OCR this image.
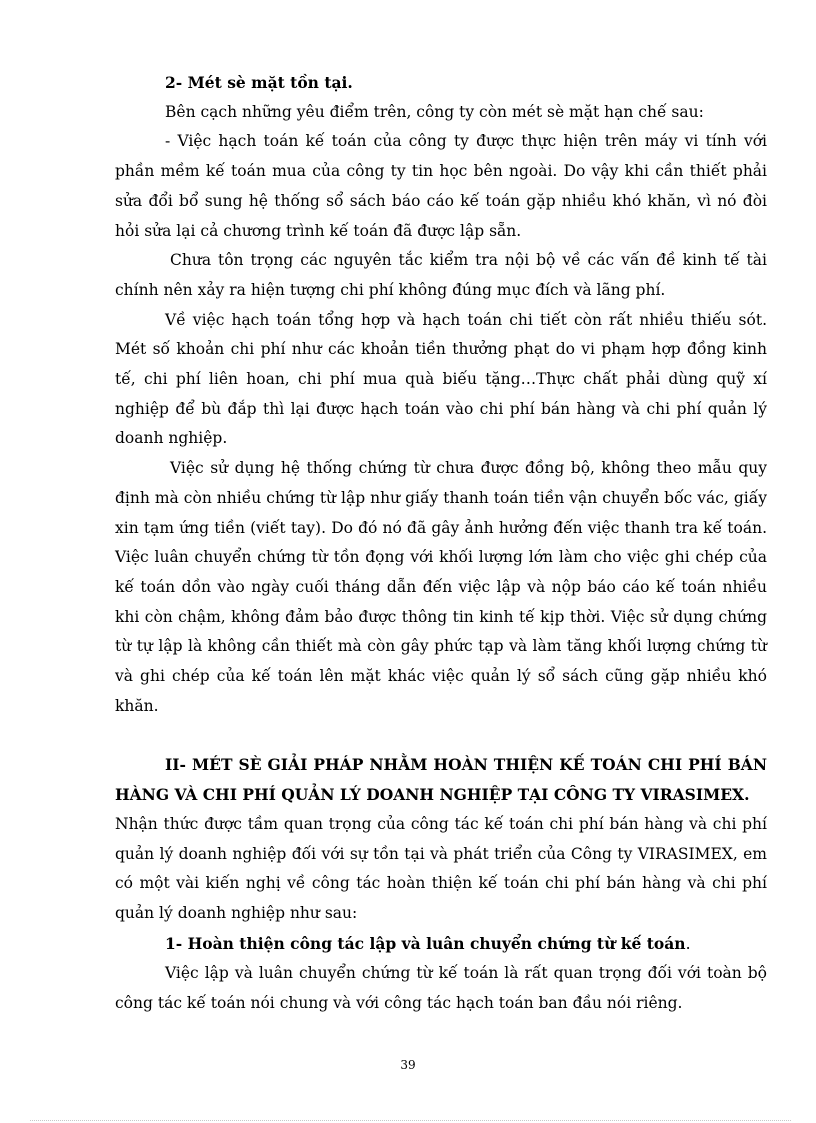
2- Mét sè mặt tồn tại.

Bên cạch những yêu điểm trên, công ty còn mét sè mặt hạn chế sau:

- Việc hạch toán kế toán của công ty được thực hiện trên máy vi tính với phần mềm kế toán mua của công ty tin học bên ngoài. Do vậy khi cần thiết phải sửa đổi bổ sung hệ thống sổ sách báo cáo kế toán gặp nhiều khó khăn, vì nó đòi hỏi sửa lại cả chương trình kế toán đã được lập sẵn.

Chưa tôn trọng các nguyên tắc kiểm tra nội bộ về các vấn đề kinh tế tài chính nên xảy ra hiện tượng chi phí không đúng mục đích và lãng phí.

Về việc hạch toán tổng hợp và hạch toán chi tiết còn rất nhiều thiếu sót. Mét số khoản chi phí như các khoản tiền thưởng phạt do vi phạm hợp đồng kinh tế, chi phí liên hoan, chi phí mua quà biếu tặng…Thực chất phải dùng quỹ xí nghiệp để bù đắp thì lại được hạch toán vào chi phí bán hàng và chi phí quản lý doanh nghiệp.

Việc sử dụng hệ thống chứng từ chưa được đồng bộ, không theo mẫu quy định mà còn nhiều chứng từ lập như giấy thanh toán tiền vận chuyển bốc vác, giấy xin tạm ứng tiền (viết tay). Do đó nó đã gây ảnh hưởng đến việc thanh tra kế toán. Việc luân chuyển chứng từ tồn đọng với khối lượng lớn làm cho việc ghi chép của kế toán dồn vào ngày cuối tháng dẫn đến việc lập và nộp báo cáo kế toán nhiều khi còn chậm, không đảm bảo được thông tin kinh tế kịp thời. Việc sử dụng chứng từ tự lập là không cần thiết mà còn gây phức tạp và làm tăng khối lượng chứng từ và ghi chép của kế toán lên mặt khác việc quản lý sổ sách cũng gặp nhiều khó khăn.

II- MÉT SÈ GIẢI PHÁP NHẰM HOÀN THIỆN KẾ TOÁN CHI PHÍ BÁN HÀNG VÀ CHI PHÍ QUẢN LÝ DOANH NGHIỆP TẠI CÔNG TY VIRASIMEX.

Nhận thức được tầm quan trọng của công tác kế toán chi phí bán hàng và chi phí quản lý doanh nghiệp đối với sự tồn tại và phát triển của Công ty VIRASIMEX, em có một vài kiến nghị về công tác hoàn thiện kế toán chi phí bán hàng và chi phí quản lý doanh nghiệp như sau:

1- Hoàn thiện công tác lập và luân chuyển chứng từ kế toán.

Việc lập và luân chuyển chứng từ kế toán là rất quan trọng đối với toàn bộ công tác kế toán nói chung và với công tác hạch toán ban đầu nói riêng.

39
